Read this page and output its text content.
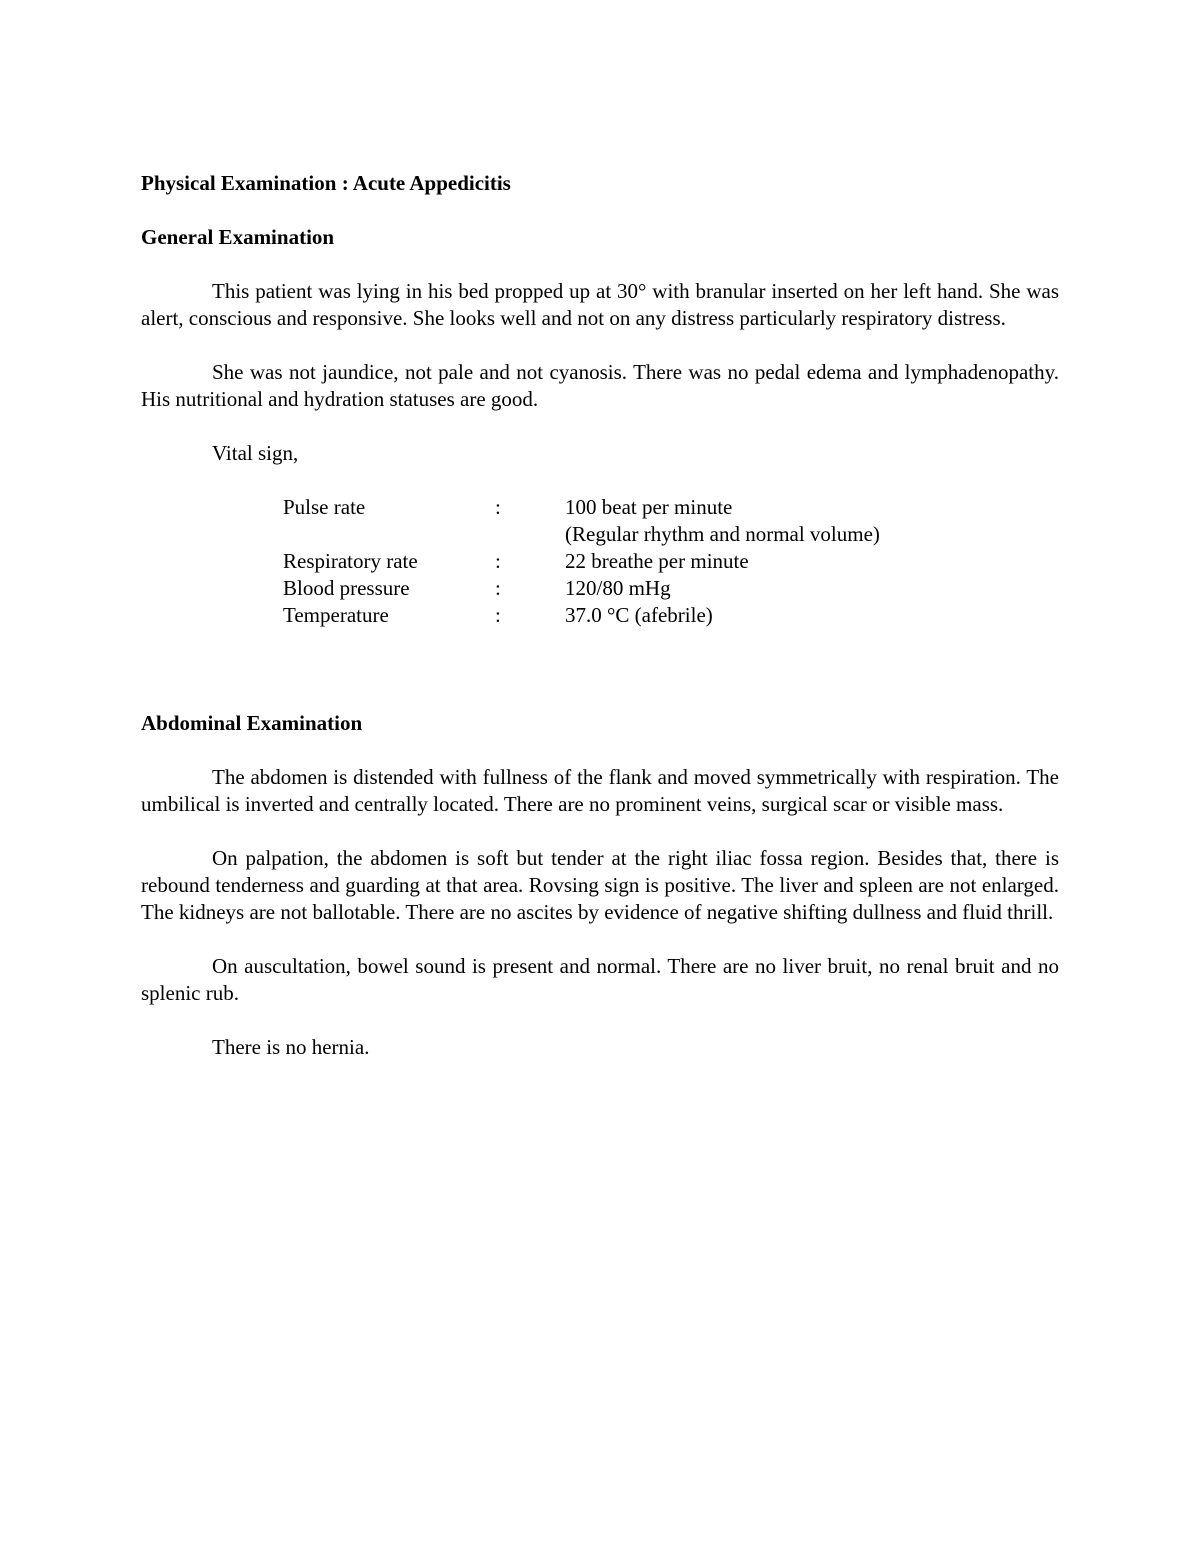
Physical Examination : Acute Appedicitis
General Examination

This patient was lying in his bed propped up at 30° with branular inserted on her left hand. She was alert, conscious and responsive. She looks well and not on any distress particularly respiratory distress.

She was not jaundice, not pale and not cyanosis. There was no pedal edema and lymphadenopathy. His nutritional and hydration statuses are good.

Vital sign,
Pulse rate	:	100 beat per minute
(Regular rhythm and normal volume)

Respiratory rate	:	22 breathe per minute
Blood pressure	:	120/80 mHg
Temperature	:	37.0 °C (afebrile)
Abdominal Examination

The abdomen is distended with fullness of the flank and moved symmetrically with respiration. The umbilical is inverted and centrally located. There are no prominent veins, surgical scar or visible mass.

On palpation, the abdomen is soft but tender at the right iliac fossa region. Besides that, there is rebound tenderness and guarding at that area. Rovsing sign is positive. The liver and spleen are not enlarged. The kidneys are not ballotable. There are no ascites by evidence of negative shifting dullness and fluid thrill.

On auscultation, bowel sound is present and normal. There are no liver bruit, no renal bruit and no splenic rub.

There is no hernia.
